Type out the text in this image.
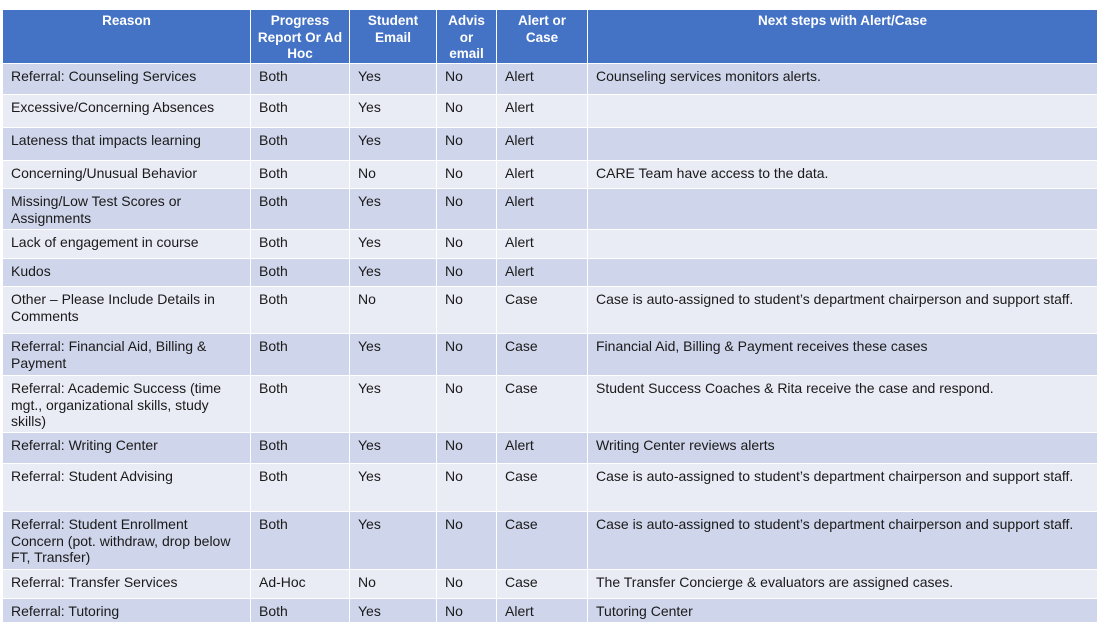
Reason	Progress Report Or Ad Hoc	Student Email	Advis or email	Alert or Case	Next steps with Alert/Case
Referral: Counseling Services	Both	Yes	No	Alert	Counseling services monitors alerts.
Excessive/Concerning Absences	Both	Yes	No	Alert	
Lateness that impacts learning	Both	Yes	No	Alert	
Concerning/Unusual Behavior	Both	No	No	Alert	CARE Team have access to the data.
Missing/Low Test Scores or Assignments	Both	Yes	No	Alert	
Lack of engagement in course	Both	Yes	No	Alert	
Kudos	Both	Yes	No	Alert	
Other – Please Include Details in Comments	Both	No	No	Case	Case is auto-assigned to student’s department chairperson and support staff.
Referral: Financial Aid, Billing & Payment	Both	Yes	No	Case	Financial Aid, Billing & Payment receives these cases
Referral: Academic Success (time mgt., organizational skills, study skills)	Both	Yes	No	Case	Student Success Coaches & Rita receive the case and respond.
Referral: Writing Center	Both	Yes	No	Alert	Writing Center reviews alerts
Referral: Student Advising	Both	Yes	No	Case	Case is auto-assigned to student’s department chairperson and support staff.
Referral: Student Enrollment Concern (pot. withdraw, drop below FT, Transfer)	Both	Yes	No	Case	Case is auto-assigned to student’s department chairperson and support staff.
Referral: Transfer Services	Ad-Hoc	No	No	Case	The Transfer Concierge & evaluators are assigned cases.
Referral: Tutoring	Both	Yes	No	Alert	Tutoring Center
